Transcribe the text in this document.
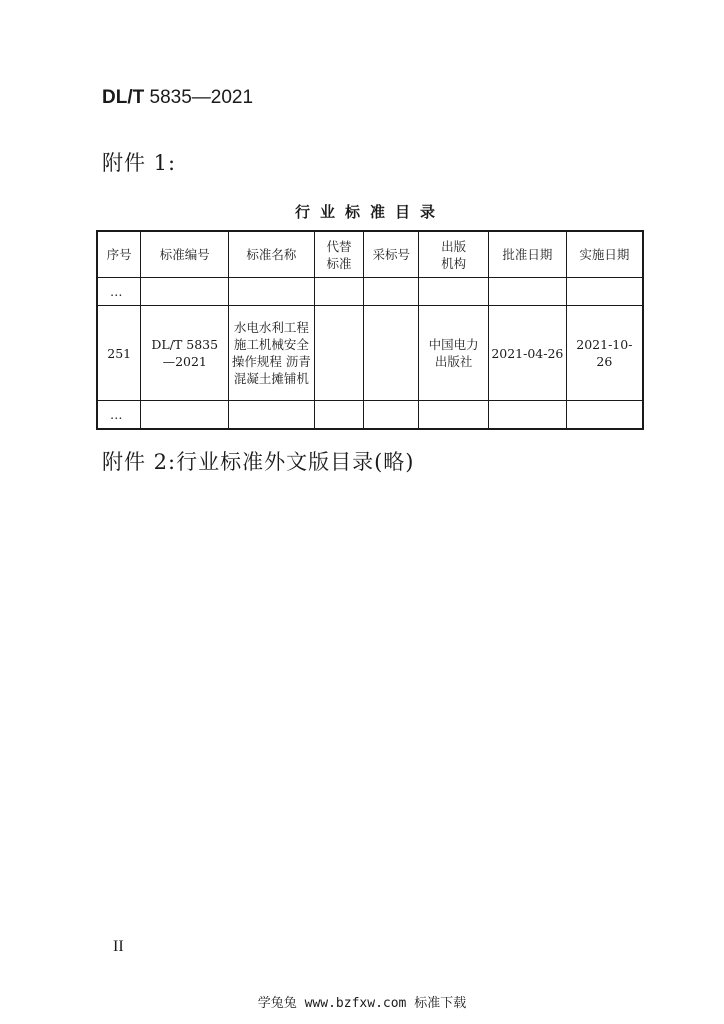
DL/T 5835—2021
附件 1:
行业标准目录
序号	标准编号	标准名称	代替标准	采标号	出版机构	批准日期	实施日期
…							
251	DL/T 5835—2021	水电水利工程施工机械安全操作规程 沥青混凝土摊铺机			中国电力出版社	2021-04-26	2021-10-26
…							
附件 2:行业标准外文版目录(略)
II
学兔兔 www.bzfxw.com 标准下载
